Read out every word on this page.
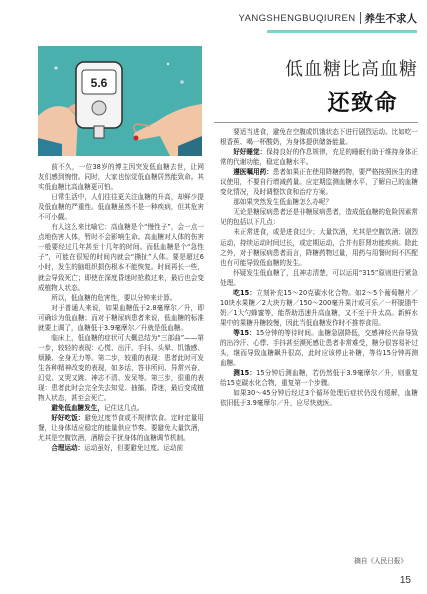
YANGSHENGBUQIUREN 养生不求人
5.6
低血糖比高血糖
还致命

前不久，一位38岁的博主因突发低血糖去世，让网友们感到惋惜。同时，大家也惊觉低血糖居然能致命。其实低血糖比高血糖更可怕。

日常生活中，人们往往更关注血糖的升高，却鲜少提及低血糖的严重性。低血糖虽然不是一种疾病，但其危害不可小觑。

有人这么来比喻它：高血糖是个“慢性子”，会一点一点地伤害人体，暂时不会影响生命。高血糖对人体的伤害一般要经过几年甚至十几年的时间。而低血糖是个“急性子”，可能在很短的时间内就会“撕扯”人体。要是超过6小时，发生的脑组织损伤根本不能恢复。时间再长一些，就会导致死亡；即使在深度昏迷时抢救过来，最后也会变成植物人状态。

所以，低血糖的危害性，要以分钟来计算。

对于普通人来说，如果血糖低于2.8毫摩尔／升，即可确诊为低血糖；而对于糖尿病患者来说，低血糖的标准就要上调了，血糖低于3.9毫摩尔／升就是低血糖。

临床上，低血糖的症状可大概总结为“三部曲”——第一步，较轻的表现：心慌、出汗、手抖、头晕、饥饿感、烦躁、全身无力等。第二步，较重的表现：患者此时可发生各种精神改变的表现，如多话、答非所问、异常兴奋、幻觉、又哭又跳、神志不清、发呆等。第三步，很重的表现：患者此时会完全失去知觉、抽搐、昏迷，最后变成植物人状态，甚至会死亡。

避免低血糖发生，记住这几点。

好好吃饭：避免过度节食或不规律饮食。定时定量用餐，让身体适应稳定的能量供应节奏。要避免大量饮酒，尤其是空腹饮酒，酒精会干扰身体的血糖调节机制。

合理运动：运动虽好，但要避免过度。运动前

要适当进食，避免在空腹或饥饿状态下进行剧烈运动。比如吃一根香蕉、喝一杯酸奶，为身体提供储备能量。

好好睡觉：保持良好的作息规律，充足的睡眠有助于维持身体正常的代谢功能，稳定血糖水平。

遵医嘱用药：患者如果正在使用降糖药物，要严格按照医生的建议使用，不要自行增减药量。应定期监测血糖水平，了解自己的血糖变化情况，及时调整饮食和治疗方案。

那如果突然发生低血糖怎么办呢？

无论是糖尿病患者还是非糖尿病患者，造成低血糖的危险因素常见的包括以下几点：

未正常进食，或是进食过少；大量饮酒，尤其是空腹饮酒；剧烈运动，持续运动时间过长，或定期运动，合并有肝肾功能疾病。除此之外，对于糖尿病患者而言，降糖药物过量，用药与用餐时间不匹配也有可能导致低血糖的发生。

怀疑发生低血糖了，且神志清楚，可以运用“315”原则进行紧急处理。

吃15：立刻补充15～20克碳水化合物。如2～5个葡萄糖片／10块水果糖／2大块方糖／150～200毫升果汁或可乐／一杯脱脂牛奶／1大勺蜂蜜等，能帮助迅速升高血糖，又不至于升太高。新鲜水果中的果糖升糖较慢，因此当低血糖发作时不推荐食用。

等15：15分钟的等待时间。血糖急剧降低，交感神经兴奋导致的出冷汗、心悸、手抖甚至濒死感让患者非常难受，糖分很容易补过头，继而导致血糖飙升很高，此时应该停止补糖，等待15分钟再测血糖。

测15：15分钟后测血糖，若仍然低于3.9毫摩尔／升，则重复给15克碳水化合物，重复第一个步骤。

如果30～45分钟后经过3个循环处理后症状仍没有缓解，血糖依旧低于3.9毫摩尔／升，应尽快就医。

摘自《人民日报》
15
